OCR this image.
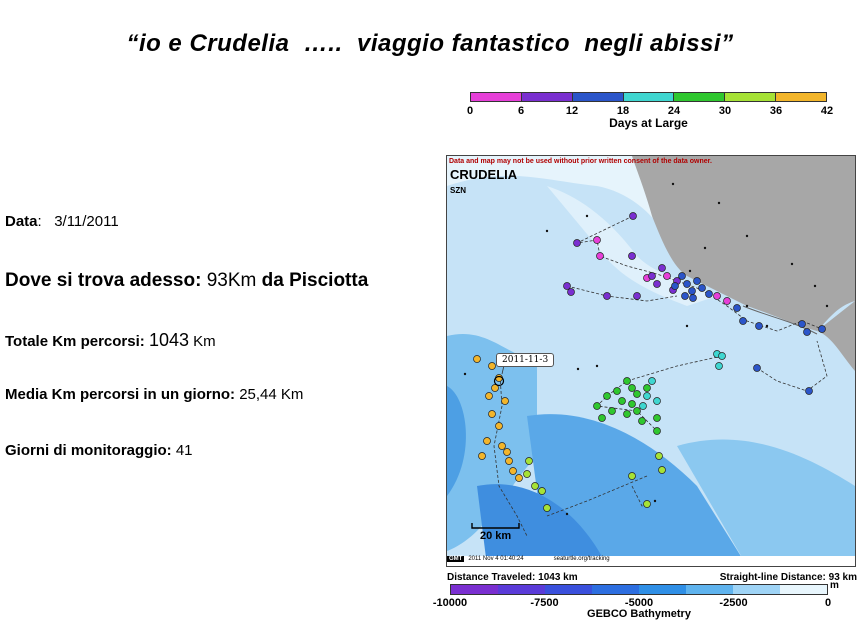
“io e Crudelia  …..  viaggio fantastico  negli abissi”
Data:   3/11/2011
Dove si trova adesso: 93Km da Pisciotta
Totale Km percorsi: 1043 Km
Media Km percorsi in un giorno: 25,44 Km
Giorni di monitoraggio: 41
0	6	12	18	24	30	36	42
Days at Large
Data and map may not be used without prior written consent of the data owner.
CRUDELIA
SZN
2011-11-3
20 km
GMT 2011 Nov 4 01:40:24	seaturtle.org/tracking
Distance Traveled: 1043 km	Straight-line Distance: 93 km
-10000	-7500	-5000	-2500	0
GEBCO Bathymetry
m
